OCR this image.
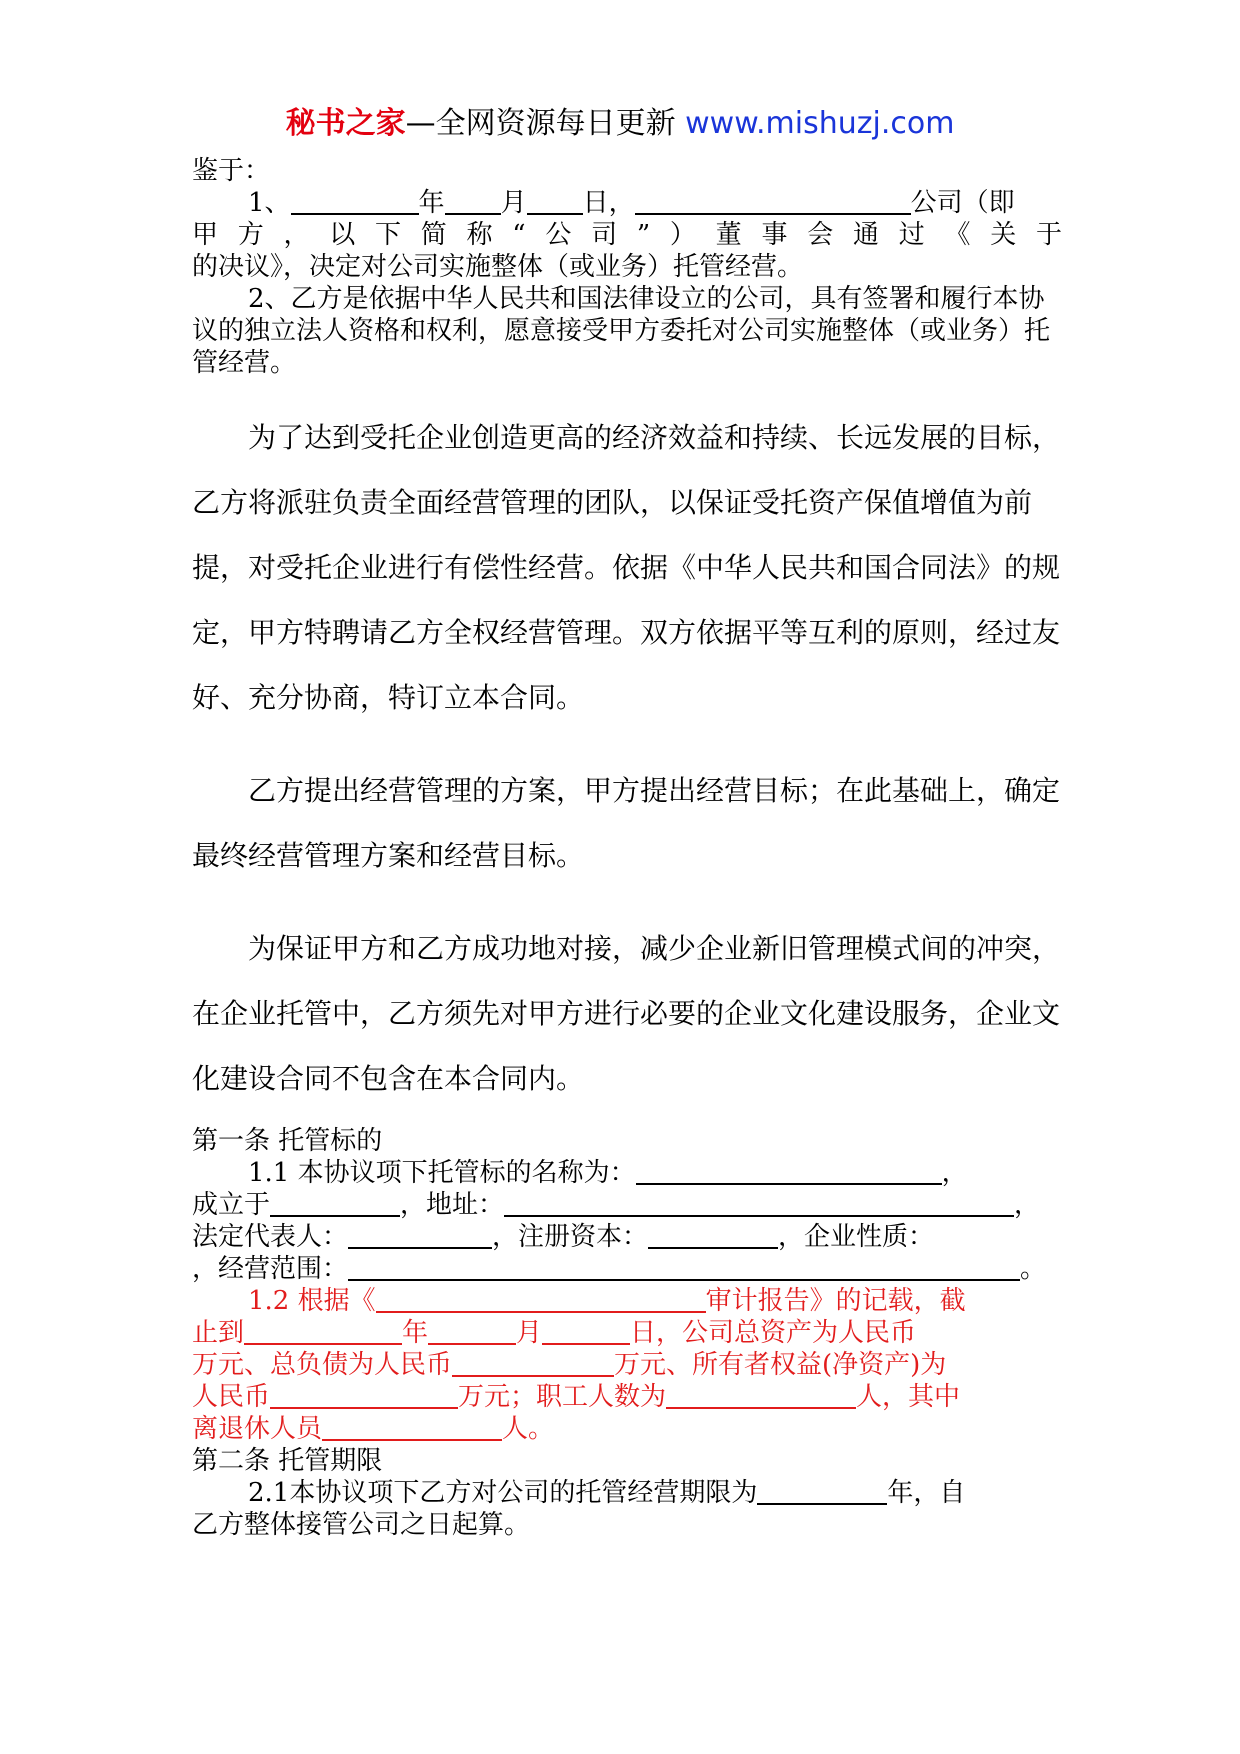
秘书之家—全网资源每日更新 www.mishuzj.com

鉴于：

1、	年 月 日，	公司（即

甲方，以下简称“公司”）董事会通过《关于

的决议》，决定对公司实施整体（或业务）托管经营。

2、乙方是依据中华人民共和国法律设立的公司，具有签署和履行本协议的独立法人资格和权利，愿意接受甲方委托对公司实施整体（或业务）托管经营。

为了达到受托企业创造更高的经济效益和持续、长远发展的目标，乙方将派驻负责全面经营管理的团队，以保证受托资产保值增值为前提，对受托企业进行有偿性经营。依据《中华人民共和国合同法》的规定，甲方特聘请乙方全权经营管理。双方依据平等互利的原则，经过友好、充分协商，特订立本合同。

乙方提出经营管理的方案，甲方提出经营目标；在此基础上，确定最终经营管理方案和经营目标。

为保证甲方和乙方成功地对接，减少企业新旧管理模式间的冲突，在企业托管中，乙方须先对甲方进行必要的企业文化建设服务，企业文化建设合同不包含在本合同内。

第一条 托管标的

1.1 本协议项下托管标的名称为：	，

成立于	，地址：	，

法定代表人：	，注册资本：	，企业性质：

，经营范围：	。

1.2 根据《	审计报告》的记载，截

止到	年	月	日，公司总资产为人民币

万元、总负债为人民币	万元、所有者权益(净资产)为

人民币	万元；职工人数为	人，其中

离退休人员	人。

第二条 托管期限

2.1本协议项下乙方对公司的托管经营期限为	年，自

乙方整体接管公司之日起算。
